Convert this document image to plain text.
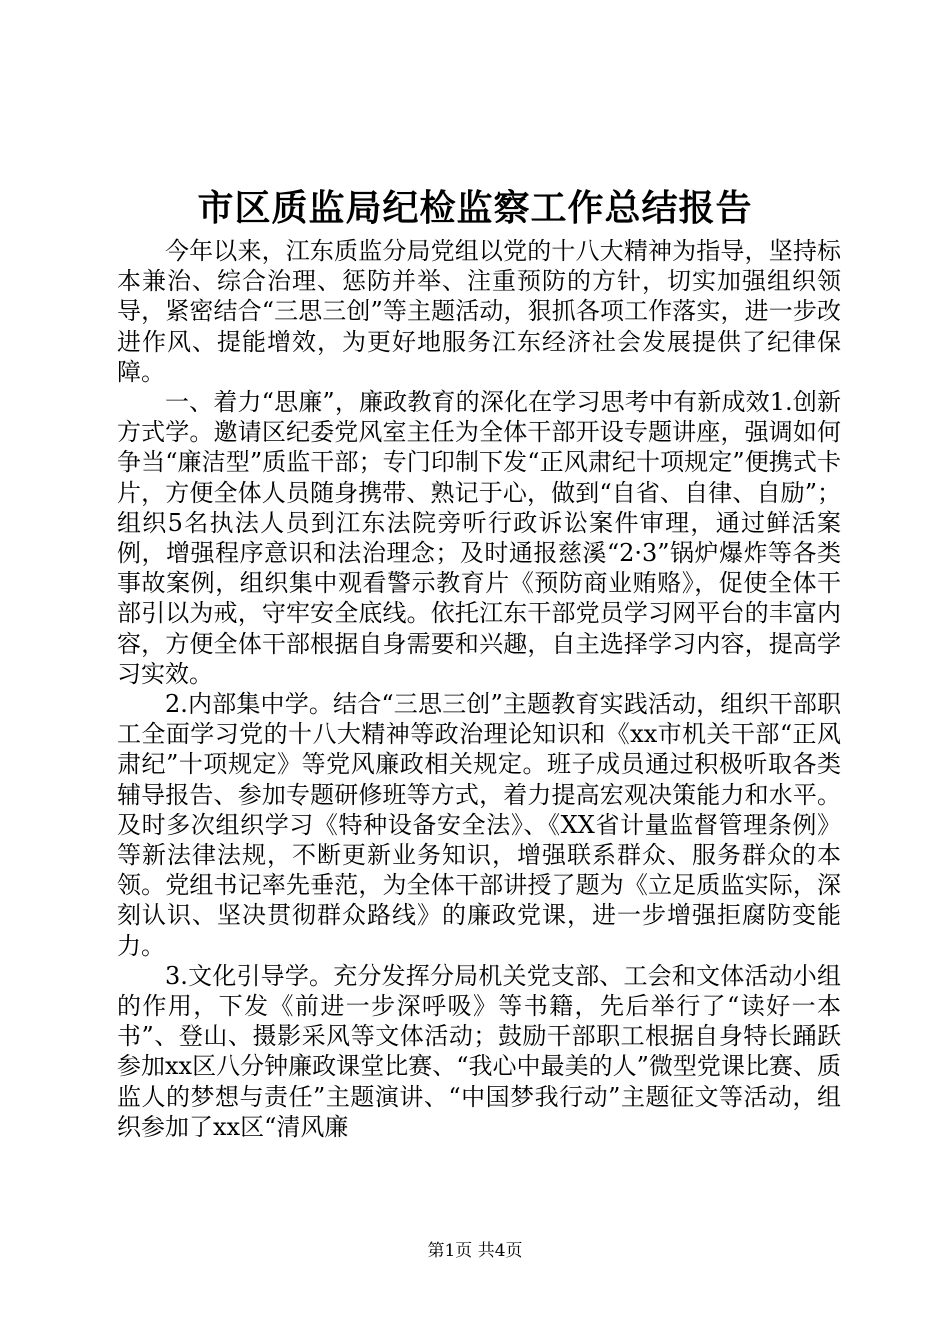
市区质监局纪检监察工作总结报告

今年以来，江东质监分局党组以党的十八大精神为指导，坚持标本兼治、综合治理、惩防并举、注重预防的方针，切实加强组织领导，紧密结合“三思三创”等主题活动，狠抓各项工作落实，进一步改进作风、提能增效，为更好地服务江东经济社会发展提供了纪律保障。

一、着力“思廉”，廉政教育的深化在学习思考中有新成效1.创新方式学。邀请区纪委党风室主任为全体干部开设专题讲座，强调如何争当“廉洁型”质监干部；专门印制下发“正风肃纪十项规定”便携式卡片，方便全体人员随身携带、熟记于心，做到“自省、自律、自励”；组织5名执法人员到江东法院旁听行政诉讼案件审理，通过鲜活案例，增强程序意识和法治理念；及时通报慈溪“2·3”锅炉爆炸等各类事故案例，组织集中观看警示教育片《预防商业贿赂》，促使全体干部引以为戒，守牢安全底线。依托江东干部党员学习网平台的丰富内容，方便全体干部根据自身需要和兴趣，自主选择学习内容，提高学习实效。

2.内部集中学。结合“三思三创”主题教育实践活动，组织干部职工全面学习党的十八大精神等政治理论知识和《xx市机关干部“正风肃纪”十项规定》等党风廉政相关规定。班子成员通过积极听取各类辅导报告、参加专题研修班等方式，着力提高宏观决策能力和水平。及时多次组织学习《特种设备安全法》、《XX省计量监督管理条例》等新法律法规，不断更新业务知识，增强联系群众、服务群众的本领。党组书记率先垂范，为全体干部讲授了题为《立足质监实际，深刻认识、坚决贯彻群众路线》的廉政党课，进一步增强拒腐防变能力。

3.文化引导学。充分发挥分局机关党支部、工会和文体活动小组的作用，下发《前进一步深呼吸》等书籍，先后举行了“读好一本书”、登山、摄影采风等文体活动；鼓励干部职工根据自身特长踊跃参加xx区八分钟廉政课堂比赛、“我心中最美的人”微型党课比赛、质监人的梦想与责任”主题演讲、“中国梦我行动”主题征文等活动，组织参加了xx区“清风廉

第1页 共4页
